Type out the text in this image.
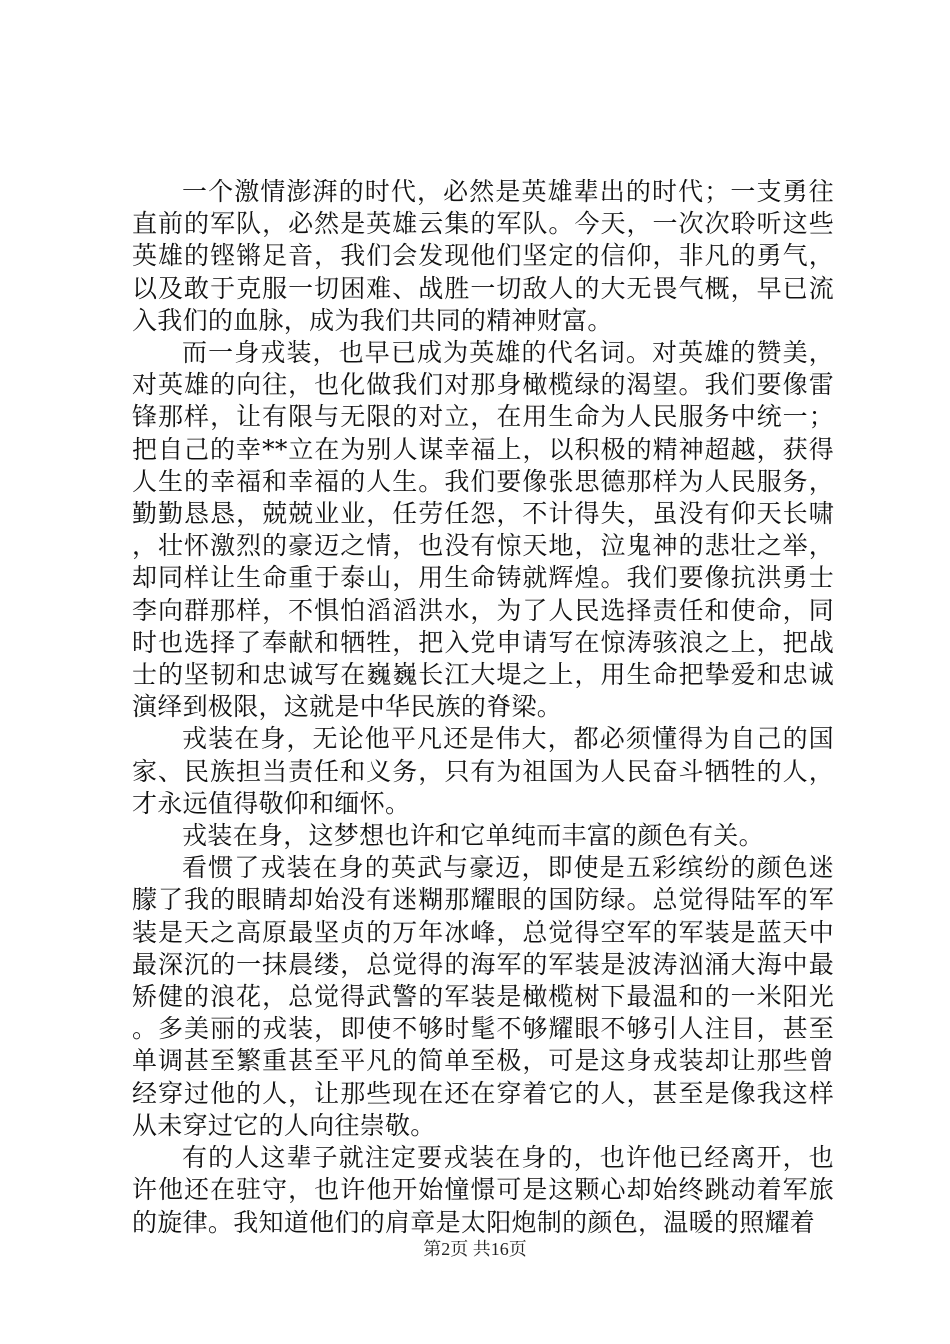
一个激情澎湃的时代，必然是英雄辈出的时代；一支勇往直前的军队，必然是英雄云集的军队。今天，一次次聆听这些英雄的铿锵足音，我们会发现他们坚定的信仰，非凡的勇气，以及敢于克服一切困难、战胜一切敌人的大无畏气概，早已流入我们的血脉，成为我们共同的精神财富。

而一身戎装，也早已成为英雄的代名词。对英雄的赞美，对英雄的向往，也化做我们对那身橄榄绿的渴望。我们要像雷锋那样，让有限与无限的对立，在用生命为人民服务中统一；把自己的幸**立在为别人谋幸福上，以积极的精神超越，获得人生的幸福和幸福的人生。我们要像张思德那样为人民服务，勤勤恳恳，兢兢业业，任劳任怨，不计得失，虽没有仰天长啸，壮怀激烈的豪迈之情，也没有惊天地，泣鬼神的悲壮之举，却同样让生命重于泰山，用生命铸就辉煌。我们要像抗洪勇士李向群那样，不惧怕滔滔洪水，为了人民选择责任和使命，同时也选择了奉献和牺牲，把入党申请写在惊涛骇浪之上，把战士的坚韧和忠诚写在巍巍长江大堤之上，用生命把挚爱和忠诚演绎到极限，这就是中华民族的脊梁。

戎装在身，无论他平凡还是伟大，都必须懂得为自己的国家、民族担当责任和义务，只有为祖国为人民奋斗牺牲的人，才永远值得敬仰和缅怀。

戎装在身，这梦想也许和它单纯而丰富的颜色有关。

看惯了戎装在身的英武与豪迈，即使是五彩缤纷的颜色迷朦了我的眼睛却始没有迷糊那耀眼的国防绿。总觉得陆军的军装是天之高原最坚贞的万年冰峰，总觉得空军的军装是蓝天中最深沉的一抹晨缕，总觉得的海军的军装是波涛汹涌大海中最矫健的浪花，总觉得武警的军装是橄榄树下最温和的一米阳光。多美丽的戎装，即使不够时髦不够耀眼不够引人注目，甚至单调甚至繁重甚至平凡的简单至极，可是这身戎装却让那些曾经穿过他的人，让那些现在还在穿着它的人，甚至是像我这样从未穿过它的人向往崇敬。

有的人这辈子就注定要戎装在身的，也许他已经离开，也许他还在驻守，也许他开始憧憬可是这颗心却始终跳动着军旅的旋律。我知道他们的肩章是太阳炮制的颜色，温暖的照耀着

第2页 共16页
